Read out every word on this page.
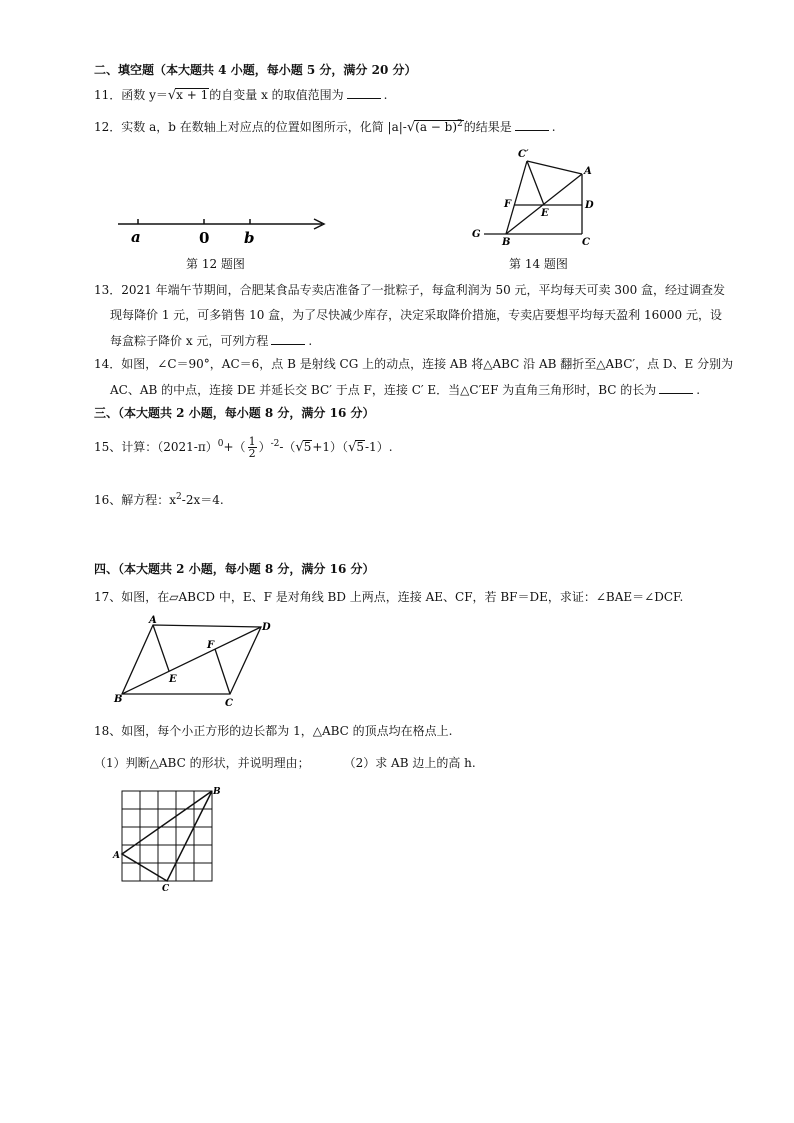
二、填空题（本大题共 4 小题，每小题 5 分，满分 20 分）
11．函数 y＝√x + 1的自变量 x 的取值范围为	.
12．实数 a，b 在数轴上对应点的位置如图所示，化简 $|a|-√(a - b)^2$的结果是	.
a	0 b
第 12 题图
C′
A
F
E
D
G
B	C
第 14 题图
13．2021 年端午节期间，合肥某食品专卖店准备了一批粽子，每盒利润为 50 元，平均每天可卖 300 盒，经过调查发
现每降价 1 元，可多销售 10 盒，为了尽快减少库存，决定采取降价措施，专卖店要想平均每天盈利 16000 元，设
每盒粽子降价 x 元，可列方程	.
14．如图，∠C＝90°，AC＝6，点 B 是射线 CG 上的动点，连接 AB 将△ABC 沿 AB 翻折至△ABC′，点 D、E 分别为
AC、AB 的中点，连接 DE 并延长交 BC′ 于点 F，连接 C′ E．当△C′EF 为直角三角形时，BC 的长为	.
三、（本大题共 2 小题，每小题 8 分，满分 16 分）
15、计算：$(2021-\pi)^0+( \frac{1}{2} )^{-2}-(√5+1)(√5-1)$.
16、解方程：$x^2-2x=4$.
四、（本大题共 2 小题，每小题 8 分，满分 16 分）
17、如图，在▱ABCD 中，E、F 是对角线 BD 上两点，连接 AE、CF，若 BF＝DE，求证：∠BAE＝∠DCF.
A
D
F
E
B	C
18、如图，每个小正方形的边长都为 1，△ABC 的顶点均在格点上.
（1）判断△ABC 的形状，并说明理由；	（2）求 AB 边上的高 h.
A
B
C
